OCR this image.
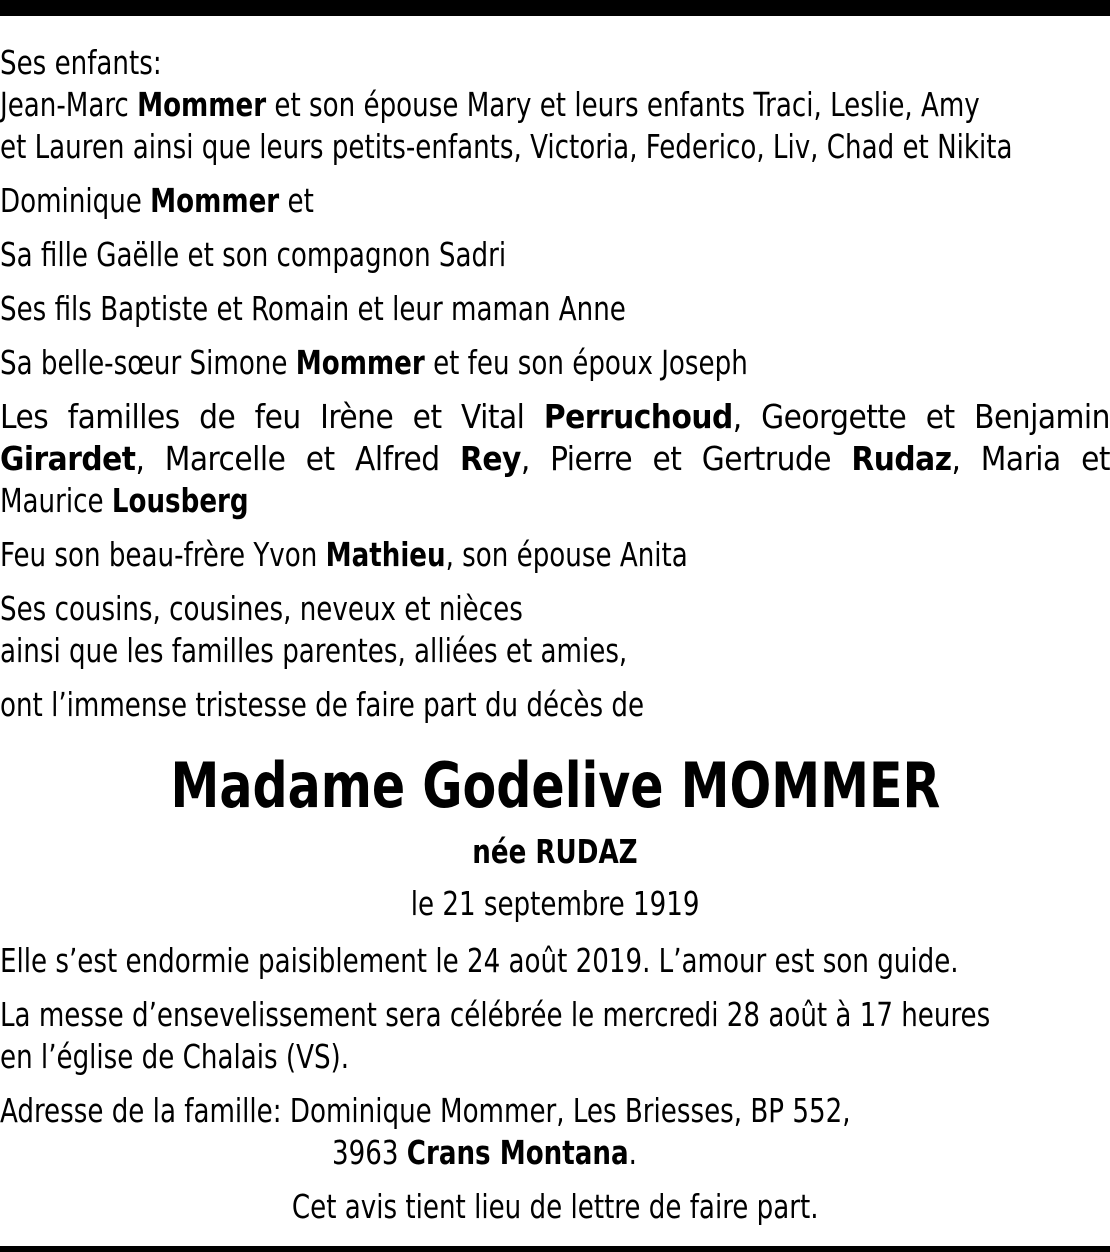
Ses enfants:

Jean-Marc Mommer et son épouse Mary et leurs enfants Traci, Leslie, Amy

et Lauren ainsi que leurs petits-enfants, Victoria, Federico, Liv, Chad et Nikita

Dominique Mommer et

Sa fille Gaëlle et son compagnon Sadri

Ses fils Baptiste et Romain et leur maman Anne

Sa belle-sœur Simone Mommer et feu son époux Joseph

Les familles de feu Irène et Vital Perruchoud, Georgette et Benjamin

Girardet, Marcelle et Alfred Rey, Pierre et Gertrude Rudaz, Maria et

Maurice Lousberg

Feu son beau-frère Yvon Mathieu, son épouse Anita

Ses cousins, cousines, neveux et nièces

ainsi que les familles parentes, alliées et amies,

ont l’immense tristesse de faire part du décès de

Madame Godelive MOMMER
née RUDAZ
le 21 septembre 1919

Elle s’est endormie paisiblement le 24 août 2019. L’amour est son guide.

La messe d’ensevelissement sera célébrée le mercredi 28 août à 17 heures

en l’église de Chalais (VS).

Adresse de la famille: Dominique Mommer, Les Briesses, BP 552,

3963 Crans Montana.

Cet avis tient lieu de lettre de faire part.
